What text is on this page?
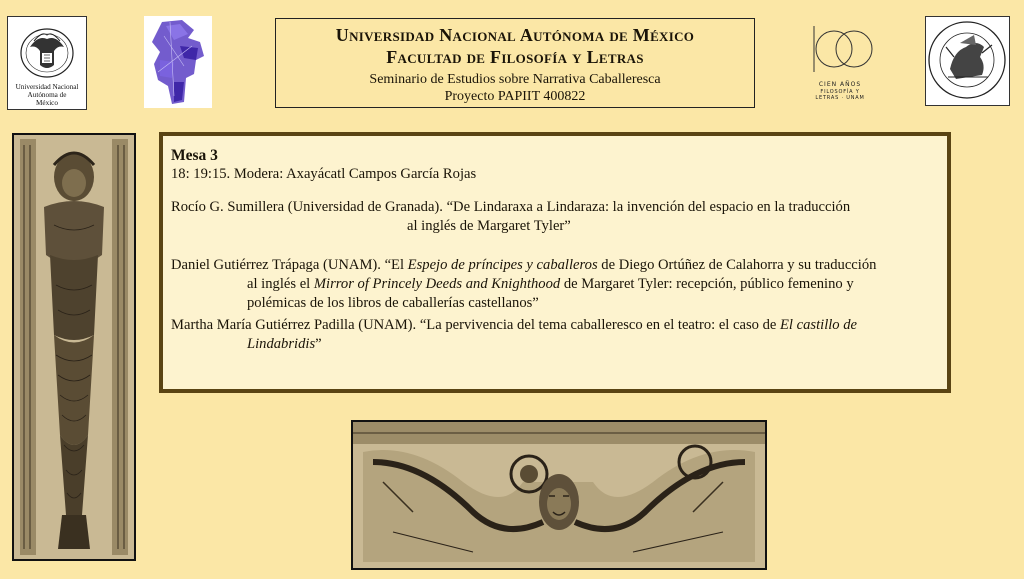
Universidad Nacional
Autónoma de
México
Universidad Nacional Autónoma de México
Facultad de Filosofía y Letras
Seminario de Estudios sobre Narrativa Caballeresca
Proyecto PAPIIT 400822
CIEN AÑOS
FILOSOFÍA Y
LETRAS · UNAM
Mesa 3
18: 19:15. Modera: Axayácatl Campos García Rojas
Rocío G. Sumillera (Universidad de Granada). “De Lindaraxa a Lindaraza: la invención del espacio en la traducción
al inglés de Margaret Tyler”
Daniel Gutiérrez Trápaga (UNAM). “El Espejo de príncipes y caballeros de Diego Ortúñez de Calahorra y su traducción
al inglés el Mirror of Princely Deeds and Knighthood de Margaret Tyler: recepción, público femenino y
polémicas de los libros de caballerías castellanos”
Martha María Gutiérrez Padilla (UNAM). “La pervivencia del tema caballeresco en el teatro: el caso de El castillo de
Lindabridis”
